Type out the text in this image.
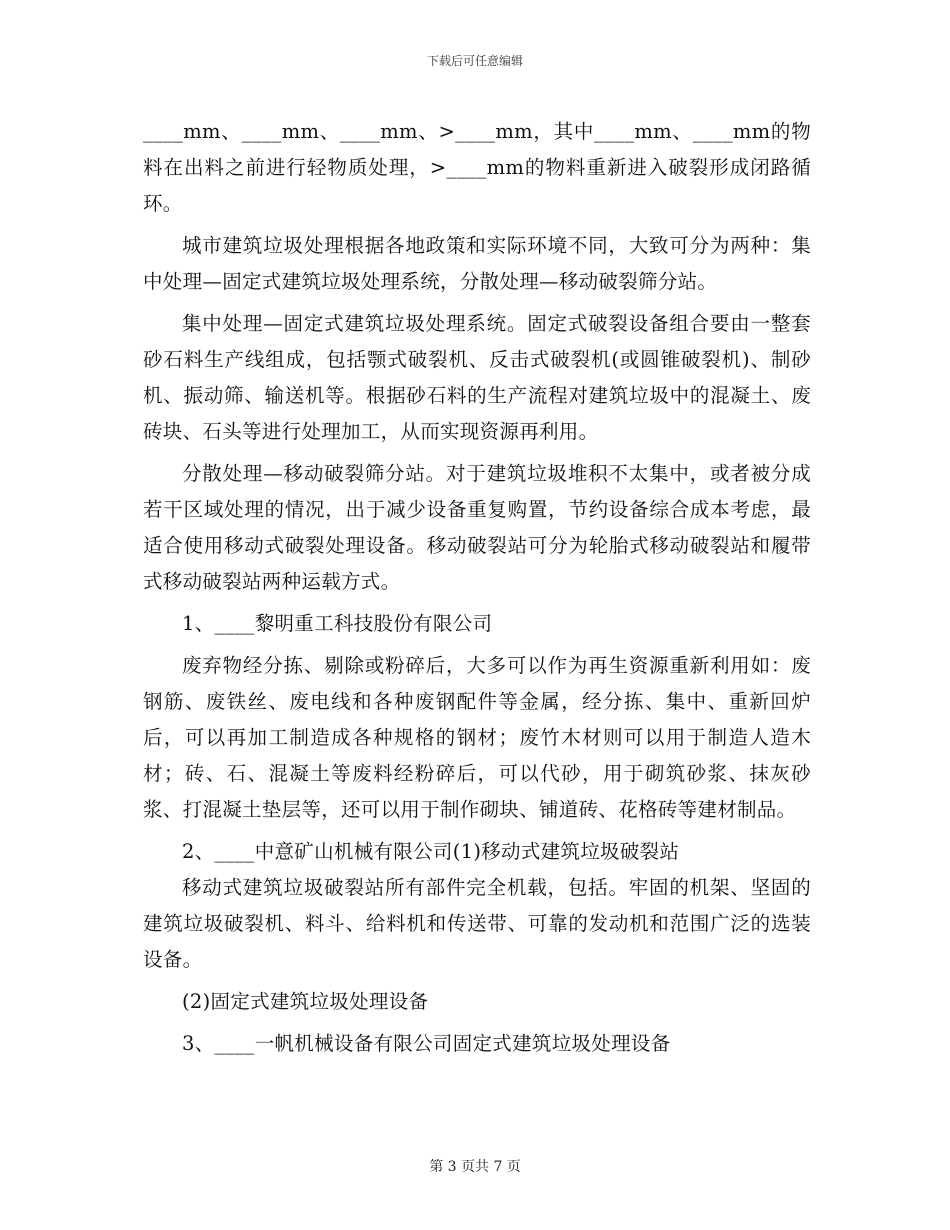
下载后可任意编辑

____mm、____mm、____mm、>____mm，其中____mm、____mm的物料在出料之前进行轻物质处理，>____mm的物料重新进入破裂形成闭路循环。

城市建筑垃圾处理根据各地政策和实际环境不同，大致可分为两种：集中处理—固定式建筑垃圾处理系统，分散处理—移动破裂筛分站。

集中处理—固定式建筑垃圾处理系统。固定式破裂设备组合要由一整套砂石料生产线组成，包括颚式破裂机、反击式破裂机(或圆锥破裂机)、制砂机、振动筛、输送机等。根据砂石料的生产流程对建筑垃圾中的混凝土、废砖块、石头等进行处理加工，从而实现资源再利用。

分散处理—移动破裂筛分站。对于建筑垃圾堆积不太集中，或者被分成若干区域处理的情况，出于减少设备重复购置，节约设备综合成本考虑，最适合使用移动式破裂处理设备。移动破裂站可分为轮胎式移动破裂站和履带式移动破裂站两种运载方式。

1、____黎明重工科技股份有限公司

废弃物经分拣、剔除或粉碎后，大多可以作为再生资源重新利用如：废钢筋、废铁丝、废电线和各种废钢配件等金属，经分拣、集中、重新回炉后，可以再加工制造成各种规格的钢材；废竹木材则可以用于制造人造木材；砖、石、混凝土等废料经粉碎后，可以代砂，用于砌筑砂浆、抹灰砂浆、打混凝土垫层等，还可以用于制作砌块、铺道砖、花格砖等建材制品。

2、____中意矿山机械有限公司(1)移动式建筑垃圾破裂站

移动式建筑垃圾破裂站所有部件完全机载，包括。牢固的机架、坚固的建筑垃圾破裂机、料斗、给料机和传送带、可靠的发动机和范围广泛的选装设备。

(2)固定式建筑垃圾处理设备

3、____一帆机械设备有限公司固定式建筑垃圾处理设备

第 3 页共 7 页
